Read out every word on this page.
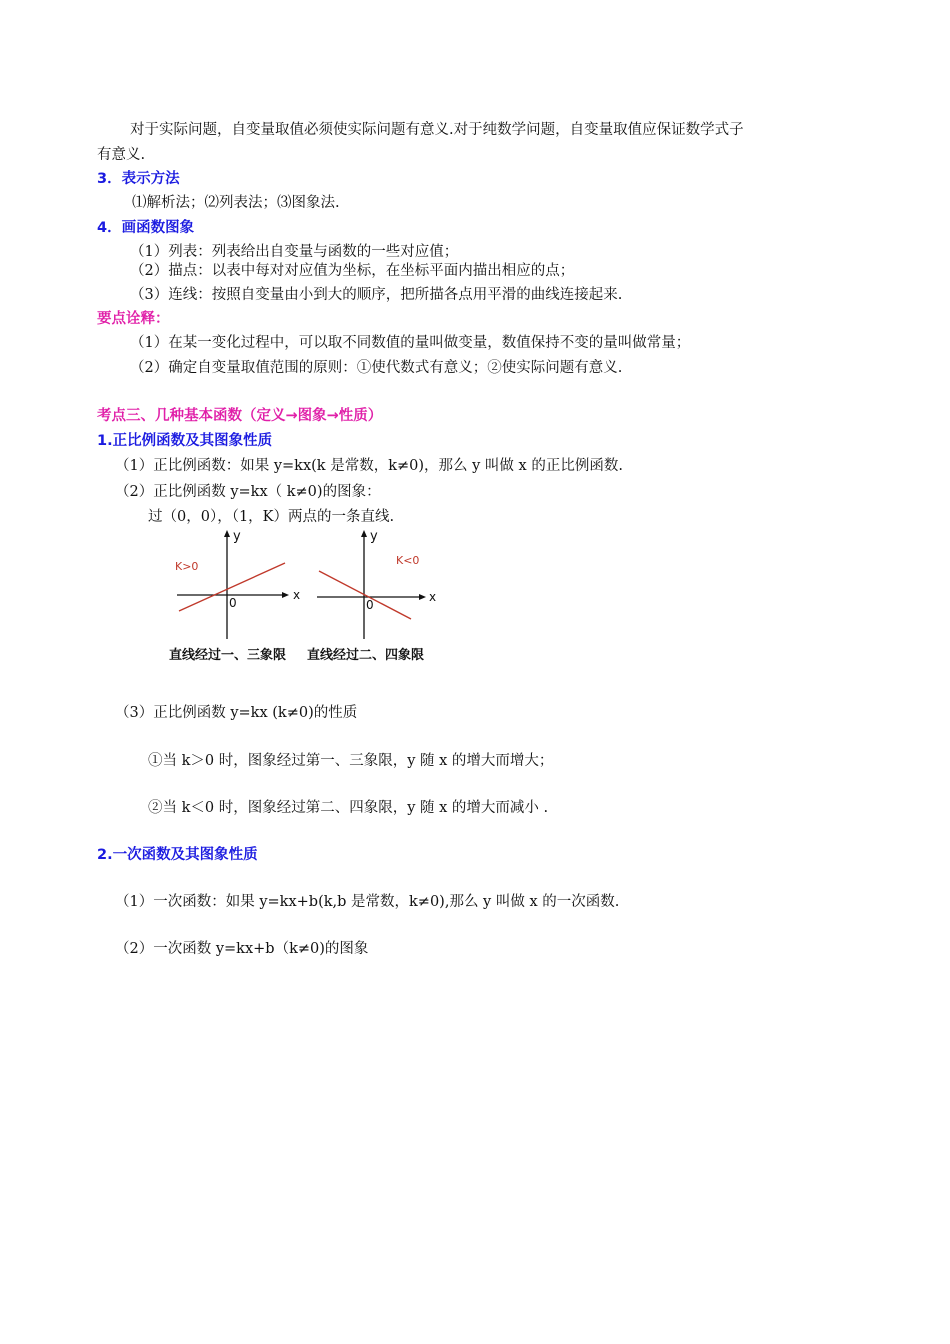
对于实际问题，自变量取值必须使实际问题有意义.对于纯数学问题，自变量取值应保证数学式子
有意义.
3．表示方法
⑴解析法；⑵列表法；⑶图象法.
4．画函数图象
（1）列表：列表给出自变量与函数的一些对应值；
（2）描点：以表中每对对应值为坐标，在坐标平面内描出相应的点；
（3）连线：按照自变量由小到大的顺序，把所描各点用平滑的曲线连接起来.
要点诠释：
（1）在某一变化过程中，可以取不同数值的量叫做变量，数值保持不变的量叫做常量；
（2）确定自变量取值范围的原则：①使代数式有意义；②使实际问题有意义.
考点三、几种基本函数（定义→图象→性质）
1.正比例函数及其图象性质
（1）正比例函数：如果 y=kx(k 是常数，k≠0)，那么 y 叫做 x 的正比例函数.
（2）正比例函数 y=kx（ k≠0)的图象：
过（0，0），（1，K）两点的一条直线.
y
x
0
K>0
直线经过一、三象限
y
x
0
K<0
直线经过二、四象限
（3）正比例函数 y=kx (k≠0)的性质
①当 k＞0 时，图象经过第一、三象限，y 随 x 的增大而增大；
②当 k＜0 时，图象经过第二、四象限，y 随 x 的增大而减小 .
2.一次函数及其图象性质
（1）一次函数：如果 y=kx+b(k,b 是常数，k≠0),那么 y 叫做 x 的一次函数.
（2）一次函数 y=kx+b（k≠0)的图象
